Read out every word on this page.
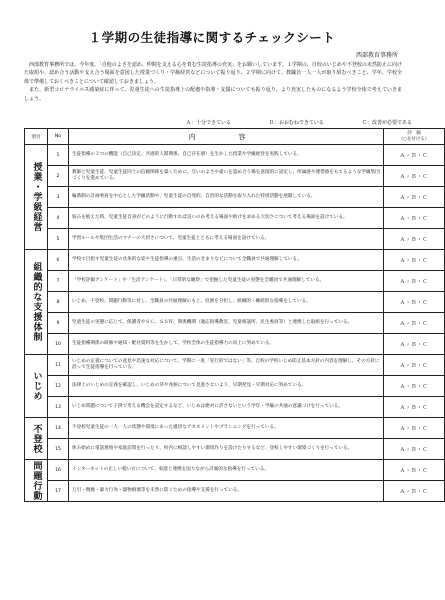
１学期の生徒指導に関するチェックシート
西部教育事務所

西部教育事務所では、今年度、「自他のよさを認め、仲間を支える心を育む生徒指導の充実」をお願いしています。１学期の、自校のいじめや不登校の未然防止に向けた取組や、認め合う活動や支え合う場面を意図した授業づくり・学級経営などについて振り返り、２学期に向けて、教職員一人一人が取り組むべきこと、学年、学校全体で準備しておくべきことについて確認しておきましょう。

また、新型コロナウイルス感染症に伴って、児童生徒への生徒指導上の配慮や指導・支援についても振り返り、より充実したものになるよう学校全体で考えていきましょう。

Ａ：十分できている	Ｂ：おおむねできている	Ｃ：改善が必要である
項目	No	内　容	評　価
（○を付ける）

授業・学級経営	1	生徒指導の３つの機能（自己決定、共感的人間関係、自己存在感）を生かした授業や学級経営を実践している。	Ａ・Ｂ・Ｃ
	2	教師と児童生徒、児童生徒同士の信頼関係を築くために、互いのよさや違いを認め合う場を意図的に設定し、所属感や連帯感をもてるような学級集団づくりを進めている。	Ａ・Ｂ・Ｃ
	3	輪番制の計画委員を中心とした学級活動や、児童生徒の自発的、自治的な活動を取り入れた特別活動を展開している。	Ａ・Ｂ・Ｃ
	4	悩みを抱えた時、児童生徒自身がどのように行動すれば良いのか考える場面や助けを求める大切さについて考える場面を設けている。	Ａ・Ｂ・Ｃ
	5	学習ルールや集団生活のマナーの大切さについて、児童生徒とともに考える場面を設けている。	Ａ・Ｂ・Ｃ

組織的な支援体制	6	学校で目指す児童生徒の具体的な姿や生徒指導の重点、生活のきまりなどについて全職員で共通理解している。	Ａ・Ｂ・Ｃ
	7	「学校評価アンケート」や「生活アンケート」、「日常的な観察」で把握した児童生徒の実態を全職員で共通理解している。	Ａ・Ｂ・Ｃ
	8	いじめ、不登校、問題行動等に対し、全職員の共通理解のもと、役割を分担し、組織的・継続的な指導をしている。	Ａ・Ｂ・Ｃ
	9	児童生徒の実態に応じて、保護者やＳＣ、ＳＳＷ、関係機関（適応指導教室、児童相談所、民生委員等）と連携した取組を行っている。	Ａ・Ｂ・Ｃ
	10	生徒指導関係の研修や通知・配付資料等を生かして、学校全体の生徒指導力の向上に努めている。	Ａ・Ｂ・Ｃ

いじめ	11	いじめの定義についての意見や迅速な対応について、学期に一度「実行的ではない」等、自校の学校いじめ防止基本方針の内容を理解し、その方針に沿って生徒指導を行っている。	Ａ・Ｂ・Ｃ
	12	法律上のいじめの定義を確認し、いじめの芽や兆候について見逃さないよう、早期発見・早期対応に努めている。	Ａ・Ｂ・Ｃ
	13	いじめ問題について子供で考える機会を設定するなど、いじめは絶対に許さないという学年・学級の共通の意識づけを行っている。	Ａ・Ｂ・Ｃ

不登校	14	不登校児童生徒の一人一人の状態や環境にあった適切なアセスメントやプランニングを行っている。	Ａ・Ｂ・Ｃ
	15	休み始めに電話連絡や家庭訪問を行ったり、校内に相談しやすい環境作りを設けたりするなど、登校しやすい環境づくりを行っている。	Ａ・Ｂ・Ｃ

問題行動	16	インターネットの正しい使い方について、家庭と連携を図りながら計画的な指導を行っている。	Ａ・Ｂ・Ｃ
	17	万引・喫煙・暴力行為・器物損壊等を未然に防ぐための指導や支援を行っている。	Ａ・Ｂ・Ｃ
